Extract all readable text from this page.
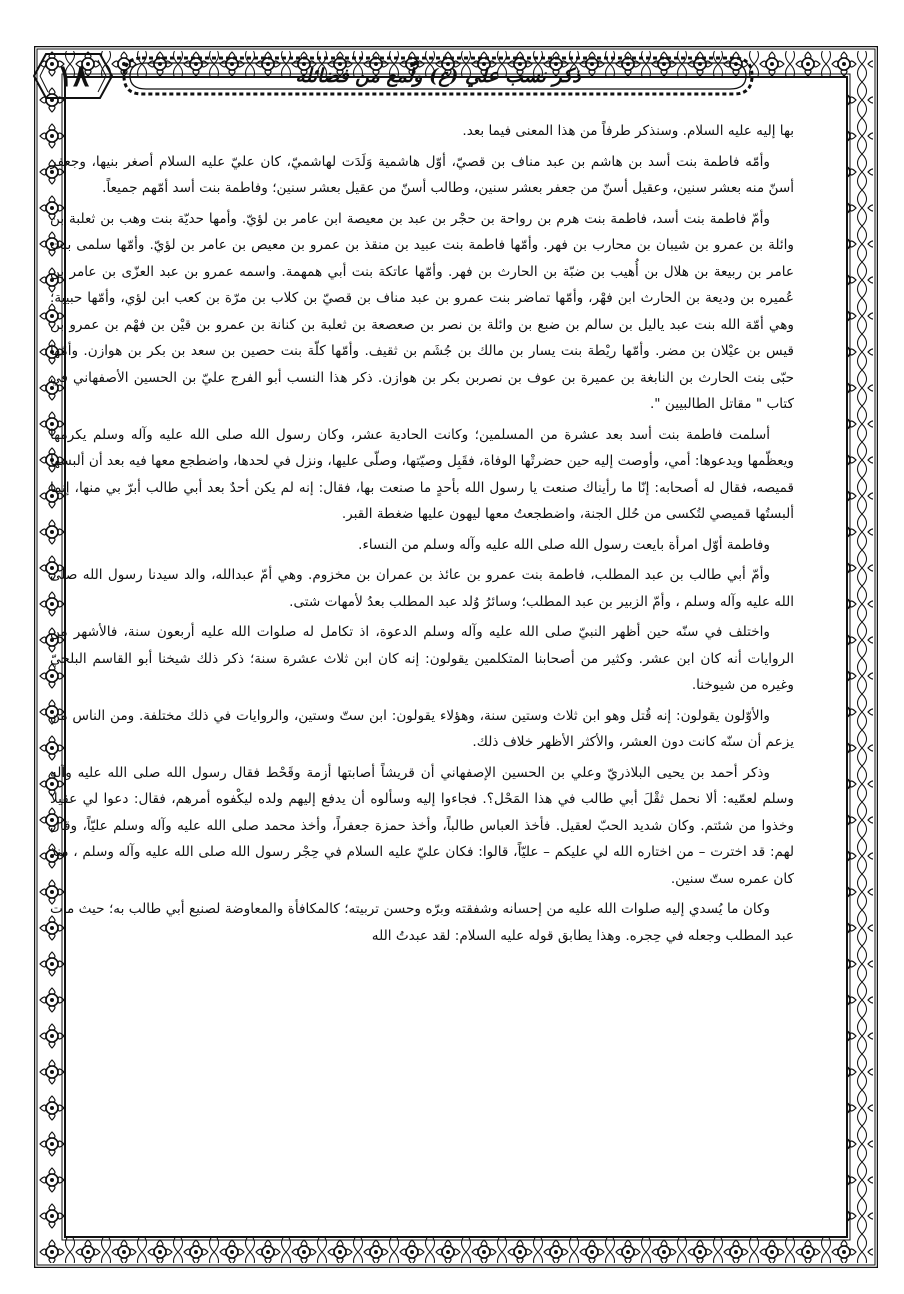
ذكر نسب علي (ع) ولُمع من فضائله
١٨

بها إليه عليه السلام. وسنذكر طرفاً من هذا المعنى فيما بعد.

وأمّه فاطمة بنت أسد بن هاشم بن عبد مناف بن قصيّ، أوّل هاشمية وَلَدَت لهاشميّ، كان عليّ عليه السلام أصغر بنيها، وجعفر أسنّ منه بعشر سنين، وعقيل أسنّ من جعفر بعشر سنين، وطالب أسنّ من عقيل بعشر سنين؛ وفاطمة بنت أسد أمّهم جميعاً.

وأمّ فاطمة بنت أسد، فاطمة بنت هرم بن رواحة بن حجْر بن عبد بن معيصة ابن عامر بن لؤيّ. وأمها حديّة بنت وهب بن ثعلبة بن وائلة بن عمرو بن شيبان بن محارب بن فهر. وأمّها فاطمة بنت عبيد بن منقذ بن عمرو بن معيص بن عامر بن لؤيّ. وأمّها سلمى بنت عامر بن ربيعة بن هلال بن أُهيب بن ضبّة بن الحارث بن فهر. وأمّها عاتكة بنت أبي همهمة. واسمه عمرو بن عبد العزّى بن عامر بن عُميره بن وديعة بن الحارث ابن فهْر، وأمّها تماضر بنت عمرو بن عبد مناف بن قصيّ بن كلاب بن مرّة بن كعب ابن لؤي، وأمّها حبيبة؛ وهي أمّة الله بنت عبد ياليل بن سالم بن ضبع بن وائلة بن نصر بن صعصعة بن ثعلبة بن كنانة بن عمرو بن قيْن بن فهْم بن عمرو بن قيس بن عيْلان بن مضر. وأمّها ريْطة بنت يسار بن مالك بن جُشَم بن ثقيف. وأمّها كلّة بنت حصين بن سعد بن بكر بن هوازن. وأمّها حبّى بنت الحارث بن النابغة بن عميرة بن عوف بن نصربن بكر بن هوازن. ذكر هذا النسب أبو الفرج عليّ بن الحسين الأصفهاني في كتاب " مقاتل الطالبيين ".

أسلمت فاطمة بنت أسد بعد عشرة من المسلمين؛ وكانت الحادية عشر، وكان رسول الله صلى الله عليه وآله وسلم يكرمها ويعظّمها ويدعوها: أمي، وأوصت إليه حين حضرتْها الوفاة، فقَبِل وصيّتها، وصلّى عليها، ونزل في لحدها، واضطجع معها فيه بعد أن ألبسها قميصه، فقال له أصحابه: إنّا ما رأيناك صنعت يا رسول الله بأحدٍ ما صنعت بها، فقال: إنه لم يكن أحدٌ بعد أبي طالب أبرّ بي منها، إنما ألبستُها قميصي لتُكسى من حُلل الجنة، واضطجعتُ معها ليهون عليها ضغطة القبر.

وفاطمة أوّل امرأة بايعت رسول الله صلى الله عليه وآله وسلم من النساء.

وأمّ أبي طالب بن عبد المطلب، فاطمة بنت عمرو بن عائذ بن عمران بن مخزوم. وهي أمّ عبدالله، والد سيدنا رسول الله صلى الله عليه وآله وسلم ، وأمّ الزبير بن عبد المطلب؛ وسائرُ وُلد عبد المطلب بعدُ لأمهات شتى.

واختلف في سنّه حين أظهر النبيّ صلى الله عليه وآله وسلم الدعوة، اذ تكامل له صلوات الله عليه أربعون سنة، فالأشهر من الروايات أنه كان ابن عشر. وكثير من أصحابنا المتكلمين يقولون: إنه كان ابن ثلاث عشرة سنة؛ ذكر ذلك شيخنا أبو القاسم البلخيّ وغيره من شيوخنا.

والأوّلون يقولون: إنه قُتل وهو ابن ثلاث وستين سنة، وهؤلاء يقولون: ابن ستّ وستين، والروايات في ذلك مختلفة. ومن الناس من يزعم أن سنّه كانت دون العشر، والأكثر الأظهر خلاف ذلك.

وذكر أحمد بن يحيى البلاذريّ وعلي بن الحسين الإصفهاني أن قريشاً أصابتها أزمة وقَحْط فقال رسول الله صلى الله عليه وآله وسلم لعمّيه: ألا نحمل ثقْلَ أبي طالب في هذا المَحْل؟. فجاءوا إليه وسألوه أن يدفع إليهم ولده ليكْفوه أمرهم، فقال: دعوا لي عقيلا وخذوا من شئتم. وكان شديد الحبّ لعقيل. فأخذ العباس طالباً، وأخذ حمزة جعفراً، وأخذ محمد صلى الله عليه وآله وسلم عليّاً، وقال لهم: قد اخترت – من اختاره الله لي عليكم – عليّاً، قالوا: فكان عليّ عليه السلام في حِجْر رسول الله صلى الله عليه وآله وسلم ، منذ كان عمره ستّ سنين.

وكان ما يُسدي إليه صلوات الله عليه من إحسانه وشفقته وبرّه وحسن تربيته؛ كالمكافأة والمعاوضة لصنيع أبي طالب به؛ حيث مات عبد المطلب وجعله في حِجره. وهذا يطابق قوله عليه السلام: لقد عبدتُ الله
